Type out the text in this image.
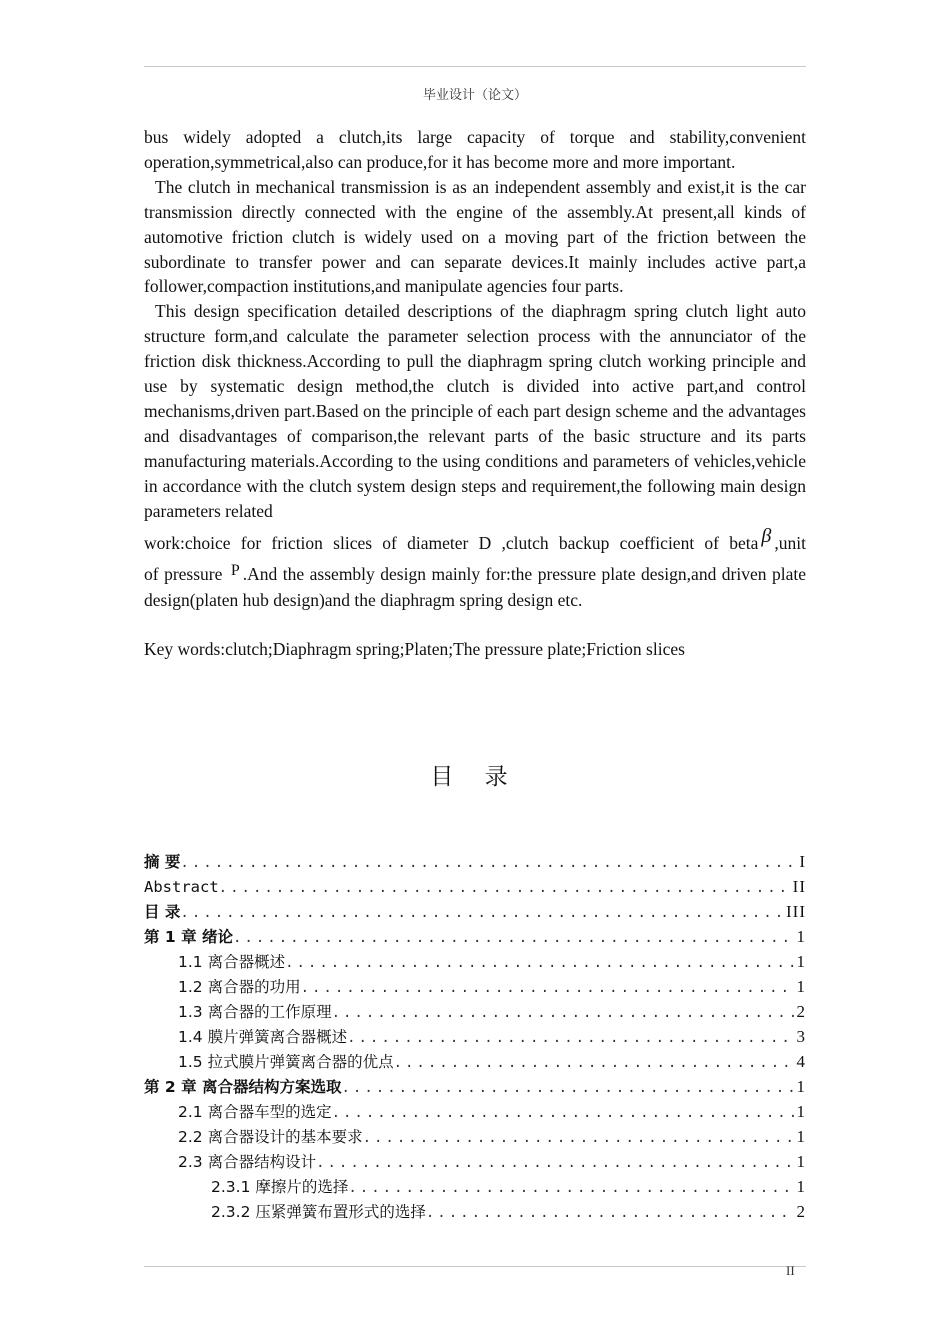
毕业设计（论文）

bus widely adopted a clutch,its large capacity of torque and stability,convenient operation,symmetrical,also can produce,for it has become more and more important.

The clutch in mechanical transmission is as an independent assembly and exist,it is the car transmission directly connected with the engine of the assembly.At present,all kinds of automotive friction clutch is widely used on a moving part of the friction between the subordinate to transfer power and can separate devices.It mainly includes active part,a follower,compaction institutions,and manipulate agencies four parts.

This design specification detailed descriptions of the diaphragm spring clutch light auto structure form,and calculate the parameter selection process with the annunciator of the friction disk thickness.According to pull the diaphragm spring clutch working principle and use by systematic design method,the clutch is divided into active part,and control mechanisms,driven part.Based on the principle of each part design scheme and the advantages and disadvantages of comparison,the relevant parts of the basic structure and its parts manufacturing materials.According to the using conditions and parameters of vehicles,vehicle in accordance with the clutch system design steps and requirement,the following main design parameters related

work:choice for friction slices of diameter D ,clutch backup coefficient of beta β ,unit

of pressure P .And the assembly design mainly for:the pressure plate design,and driven plate design(platen hub design)and the diaphragm spring design etc.

Key words:clutch;Diaphragm spring;Platen;The pressure plate;Friction slices

目 录
摘 要 .....	I
Abstract .....	II
目 录 .....	III
第 1 章 绪论 .....	1
1.1 离合器概述 .....	1
1.2 离合器的功用 .....	1
1.3 离合器的工作原理 .....	2
1.4 膜片弹簧离合器概述 .....	3
1.5 拉式膜片弹簧离合器的优点 .....	4
第 2 章 离合器结构方案选取 .....	1
2.1 离合器车型的选定 .....	1
2.2 离合器设计的基本要求 .....	1
2.3 离合器结构设计 .....	1
2.3.1 摩擦片的选择 .....	1
2.3.2 压紧弹簧布置形式的选择 .....	2
II
